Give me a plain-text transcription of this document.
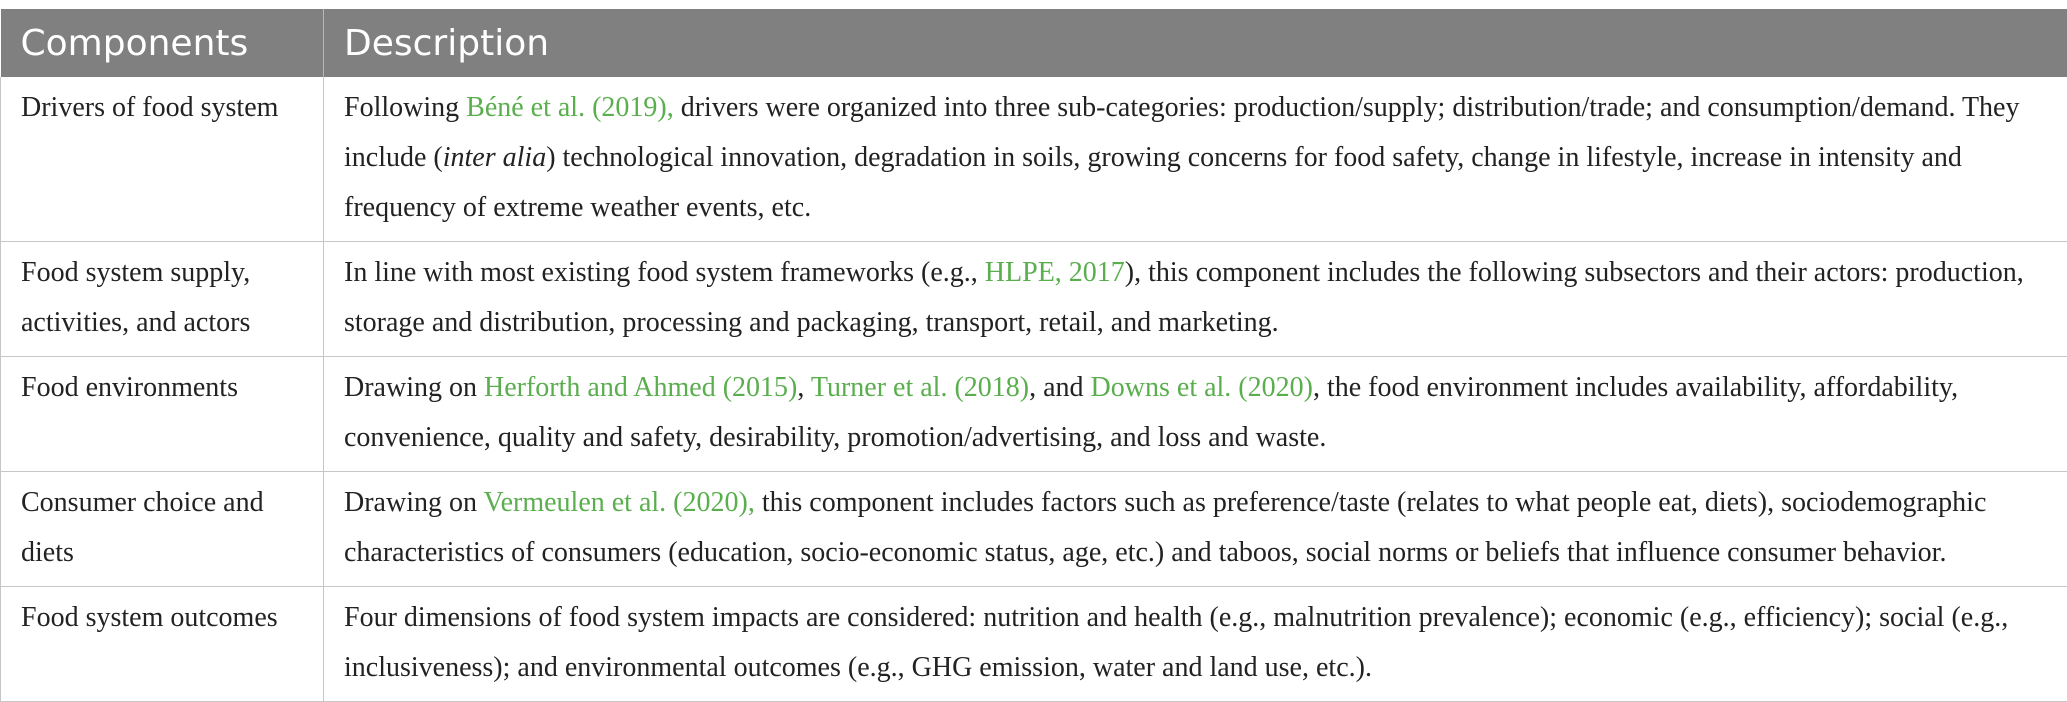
Components	Description
Drivers of food system	Following Béné et al. (2019), drivers were organized into three sub-categories: production/supply; distribution/trade; and consumption/demand. They include (inter alia) technological innovation, degradation in soils, growing concerns for food safety, change in lifestyle, increase in intensity and frequency of extreme weather events, etc.
Food system supply, activities, and actors	In line with most existing food system frameworks (e.g., HLPE, 2017), this component includes the following subsectors and their actors: production, storage and distribution, processing and packaging, transport, retail, and marketing.
Food environments	Drawing on Herforth and Ahmed (2015), Turner et al. (2018), and Downs et al. (2020), the food environment includes availability, affordability, convenience, quality and safety, desirability, promotion/advertising, and loss and waste.
Consumer choice and diets	Drawing on Vermeulen et al. (2020), this component includes factors such as preference/taste (relates to what people eat, diets), sociodemographic characteristics of consumers (education, socio-economic status, age, etc.) and taboos, social norms or beliefs that influence consumer behavior.
Food system outcomes	Four dimensions of food system impacts are considered: nutrition and health (e.g., malnutrition prevalence); economic (e.g., efficiency); social (e.g., inclusiveness); and environmental outcomes (e.g., GHG emission, water and land use, etc.).
